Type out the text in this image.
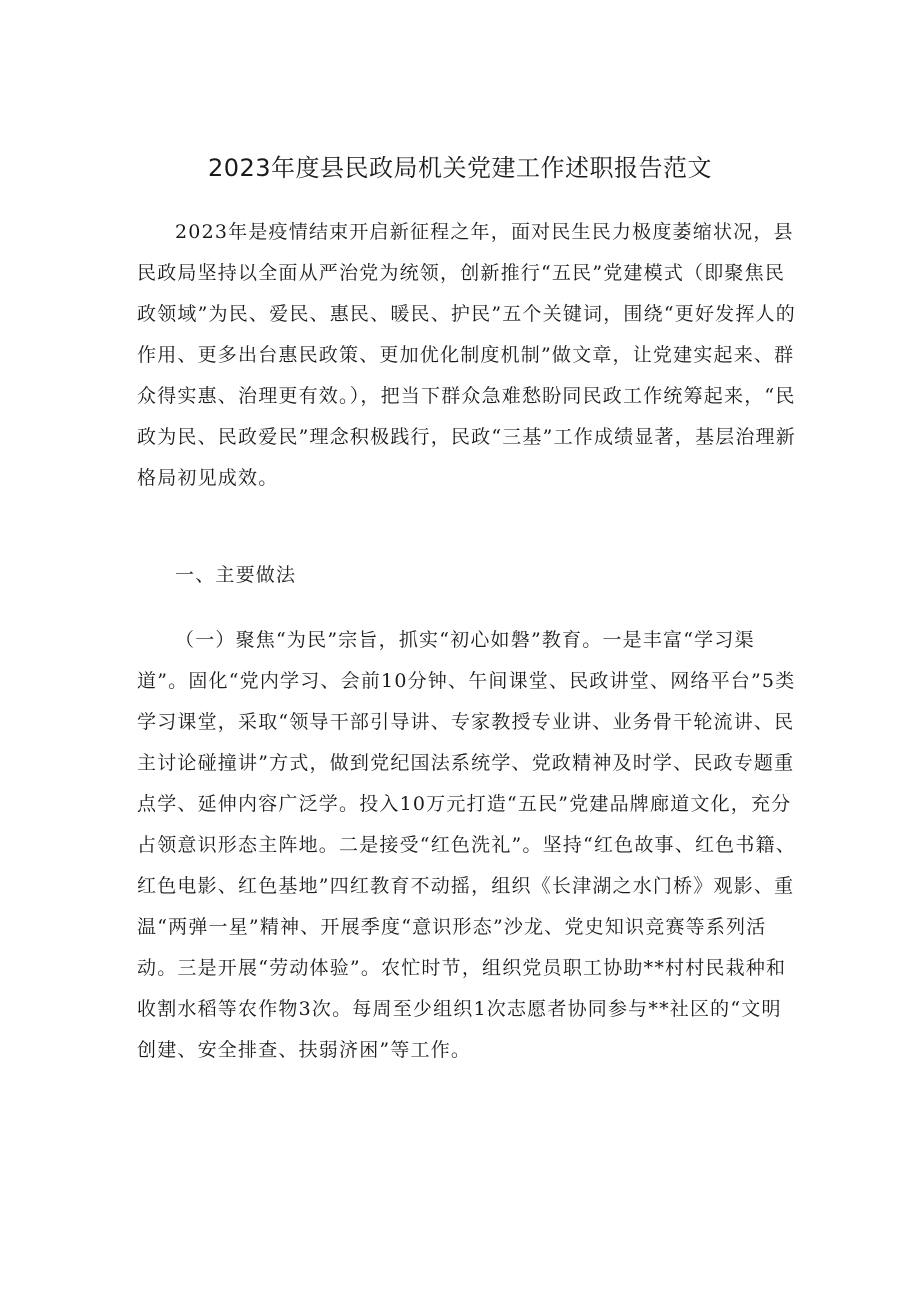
2023年度县民政局机关党建工作述职报告范文

2023年是疫情结束开启新征程之年，面对民生民力极度萎缩状况，县民政局坚持以全面从严治党为统领，创新推行“五民”党建模式（即聚焦民政领域”为民、爱民、惠民、暖民、护民”五个关键词，围绕“更好发挥人的作用、更多出台惠民政策、更加优化制度机制”做文章，让党建实起来、群众得实惠、治理更有效。），把当下群众急难愁盼同民政工作统筹起来，“民政为民、民政爱民”理念积极践行，民政“三基”工作成绩显著，基层治理新格局初见成效。

一、主要做法

（一）聚焦“为民”宗旨，抓实“初心如磐”教育。一是丰富“学习渠道”。固化“党内学习、会前10分钟、午间课堂、民政讲堂、网络平台”5类学习课堂，采取“领导干部引导讲、专家教授专业讲、业务骨干轮流讲、民主讨论碰撞讲”方式，做到党纪国法系统学、党政精神及时学、民政专题重点学、延伸内容广泛学。投入10万元打造“五民”党建品牌廊道文化，充分占领意识形态主阵地。二是接受“红色洗礼”。坚持“红色故事、红色书籍、红色电影、红色基地”四红教育不动摇，组织《长津湖之水门桥》观影、重温“两弹一星”精神、开展季度“意识形态”沙龙、党史知识竞赛等系列活动。三是开展“劳动体验”。农忙时节，组织党员职工协助**村村民栽种和收割水稻等农作物3次。每周至少组织1次志愿者协同参与**社区的“文明创建、安全排查、扶弱济困”等工作。
